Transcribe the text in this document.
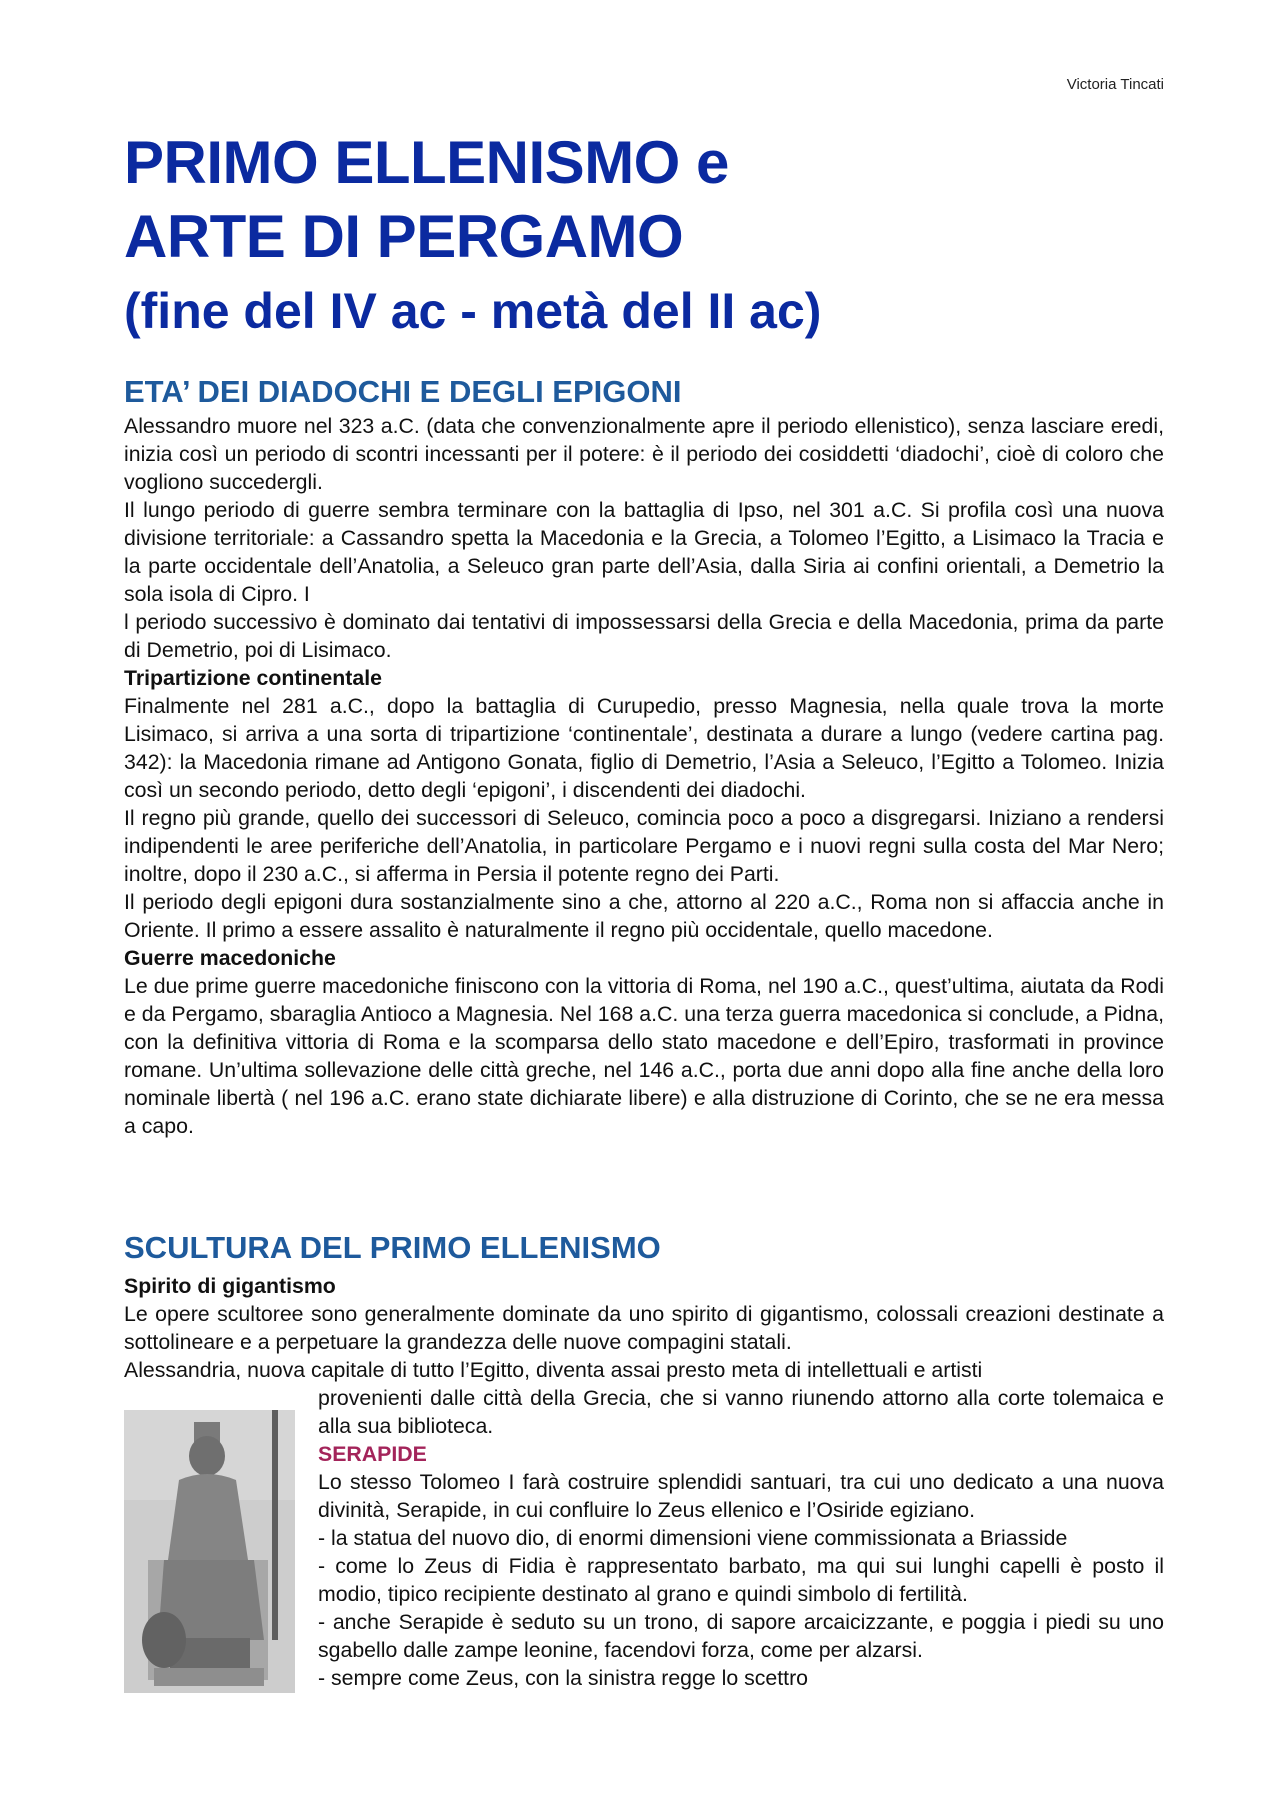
Victoria Tincati

PRIMO ELLENISMO e

ARTE DI PERGAMO

(fine del IV ac - metà del II ac)

ETA’ DEI DIADOCHI E DEGLI EPIGONI

Alessandro muore nel 323 a.C. (data che convenzionalmente apre il periodo ellenistico), senza lasciare eredi, inizia così un periodo di scontri incessanti per il potere: è il periodo dei cosiddetti ‘diadochi’, cioè di coloro che vogliono succedergli.

Il lungo periodo di guerre sembra terminare con la battaglia di Ipso, nel 301 a.C. Si profila così una nuova divisione territoriale: a Cassandro spetta la Macedonia e la Grecia, a Tolomeo l’Egitto, a Lisimaco la Tracia e la parte occidentale dell’Anatolia, a Seleuco gran parte dell’Asia, dalla Siria ai confini orientali, a Demetrio la sola isola di Cipro. I

l periodo successivo è dominato dai tentativi di impossessarsi della Grecia e della Macedonia, prima da parte di Demetrio, poi di Lisimaco.

Tripartizione continentale

Finalmente nel 281 a.C., dopo la battaglia di Curupedio, presso Magnesia, nella quale trova la morte Lisimaco, si arriva a una sorta di tripartizione ‘continentale’, destinata a durare a lungo (vedere cartina pag. 342): la Macedonia rimane ad Antigono Gonata, figlio di Demetrio, l’Asia a Seleuco, l’Egitto a Tolomeo. Inizia così un secondo periodo, detto degli ‘epigoni’, i discendenti dei diadochi.

Il regno più grande, quello dei successori di Seleuco, comincia poco a poco a disgregarsi. Iniziano a rendersi indipendenti le aree periferiche dell’Anatolia, in particolare Pergamo e i nuovi regni sulla costa del Mar Nero; inoltre, dopo il 230 a.C., si afferma in Persia il potente regno dei Parti.

Il periodo degli epigoni dura sostanzialmente sino a che, attorno al 220 a.C., Roma non si affaccia anche in Oriente. Il primo a essere assalito è naturalmente il regno più occidentale, quello macedone.

Guerre macedoniche

Le due prime guerre macedoniche finiscono con la vittoria di Roma, nel 190 a.C., quest’ultima, aiutata da Rodi e da Pergamo, sbaraglia Antioco a Magnesia. Nel 168 a.C. una terza guerra macedonica si conclude, a Pidna, con la definitiva vittoria di Roma e la scomparsa dello stato macedone e dell’Epiro, trasformati in province romane. Un’ultima sollevazione delle città greche, nel 146 a.C., porta due anni dopo alla fine anche della loro nominale libertà ( nel 196 a.C. erano state dichiarate libere) e alla distruzione di Corinto, che se ne era messa a capo.

SCULTURA DEL PRIMO ELLENISMO

Spirito di gigantismo

Le opere scultoree sono generalmente dominate da uno spirito di gigantismo, colossali creazioni destinate a sottolineare e a perpetuare la grandezza delle nuove compagini statali.

Alessandria, nuova capitale di tutto l’Egitto, diventa assai presto meta di intellettuali e artisti

provenienti dalle città della Grecia, che si vanno riunendo attorno alla corte tolemaica e alla sua biblioteca.

SERAPIDE

Lo stesso Tolomeo I farà costruire splendidi santuari, tra cui uno dedicato a una nuova divinità, Serapide, in cui confluire lo Zeus ellenico e l’Osiride egiziano.

- la statua del nuovo dio, di enormi dimensioni viene commissionata a Briasside

- come lo Zeus di Fidia è rappresentato barbato, ma qui sui lunghi capelli è posto il modio, tipico recipiente destinato al grano e quindi simbolo di fertilità.

- anche Serapide è seduto su un trono, di sapore arcaicizzante, e poggia i piedi su uno sgabello dalle zampe leonine, facendovi forza, come per alzarsi.

- sempre come Zeus, con la sinistra regge lo scettro
